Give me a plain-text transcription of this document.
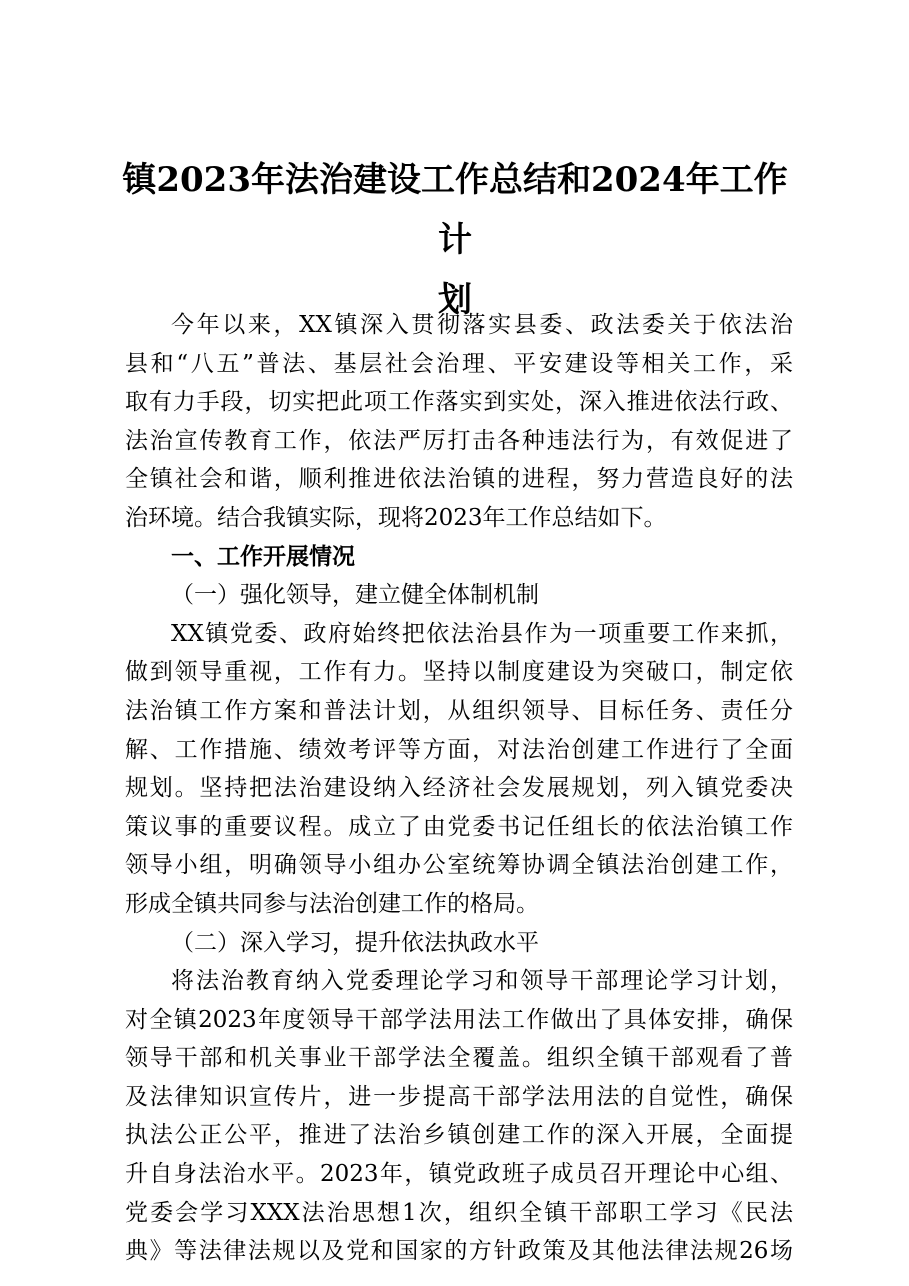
镇2023年法治建设工作总结和2024年工作计
划
今年以来，XX镇深入贯彻落实县委、政法委关于依法治
县和“八五”普法、基层社会治理、平安建设等相关工作，采
取有力手段，切实把此项工作落实到实处，深入推进依法行政、
法治宣传教育工作，依法严厉打击各种违法行为，有效促进了
全镇社会和谐，顺利推进依法治镇的进程，努力营造良好的法
治环境。结合我镇实际，现将2023年工作总结如下。
一、工作开展情况
（一）强化领导，建立健全体制机制
XX镇党委、政府始终把依法治县作为一项重要工作来抓，
做到领导重视，工作有力。坚持以制度建设为突破口，制定依
法治镇工作方案和普法计划，从组织领导、目标任务、责任分
解、工作措施、绩效考评等方面，对法治创建工作进行了全面
规划。坚持把法治建设纳入经济社会发展规划，列入镇党委决
策议事的重要议程。成立了由党委书记任组长的依法治镇工作
领导小组，明确领导小组办公室统筹协调全镇法治创建工作，
形成全镇共同参与法治创建工作的格局。
（二）深入学习，提升依法执政水平
将法治教育纳入党委理论学习和领导干部理论学习计划，
对全镇2023年度领导干部学法用法工作做出了具体安排，确保
领导干部和机关事业干部学法全覆盖。组织全镇干部观看了普
及法律知识宣传片，进一步提高干部学法用法的自觉性，确保
执法公正公平，推进了法治乡镇创建工作的深入开展，全面提
升自身法治水平。2023年，镇党政班子成员召开理论中心组、
党委会学习XXX法治思想1次，组织全镇干部职工学习《民法
典》等法律法规以及党和国家的方针政策及其他法律法规26场
